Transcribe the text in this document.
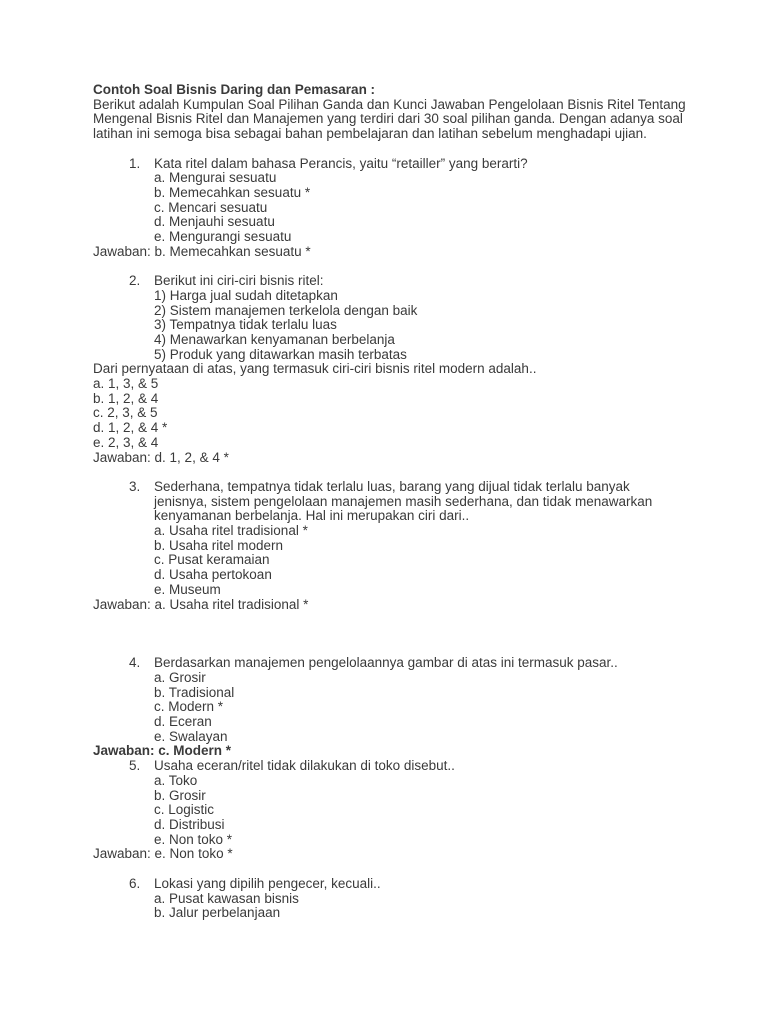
Contoh Soal Bisnis Daring dan Pemasaran :
Berikut adalah Kumpulan Soal Pilihan Ganda dan Kunci Jawaban Pengelolaan Bisnis Ritel Tentang Mengenal Bisnis Ritel dan Manajemen yang terdiri dari 30 soal pilihan ganda. Dengan adanya soal latihan ini semoga bisa sebagai bahan pembelajaran dan latihan sebelum menghadapi ujian.
1.	Kata ritel dalam bahasa Perancis, yaitu “retailler” yang berarti?
a. Mengurai sesuatu
b. Memecahkan sesuatu *
c. Mencari sesuatu
d. Menjauhi sesuatu
e. Mengurangi sesuatu
Jawaban: b. Memecahkan sesuatu *
2.	Berikut ini ciri-ciri bisnis ritel:
1) Harga jual sudah ditetapkan
2) Sistem manajemen terkelola dengan baik
3) Tempatnya tidak terlalu luas
4) Menawarkan kenyamanan berbelanja
5) Produk yang ditawarkan masih terbatas
Dari pernyataan di atas, yang termasuk ciri-ciri bisnis ritel modern adalah..
a. 1, 3, & 5
b. 1, 2, & 4
c. 2, 3, & 5
d. 1, 2, & 4 *
e. 2, 3, & 4
Jawaban: d. 1, 2, & 4 *
3.	Sederhana, tempatnya tidak terlalu luas, barang yang dijual tidak terlalu banyak jenisnya, sistem pengelolaan manajemen masih sederhana, dan tidak menawarkan kenyamanan berbelanja. Hal ini merupakan ciri dari..
a. Usaha ritel tradisional *
b. Usaha ritel modern
c. Pusat keramaian
d. Usaha pertokoan
e. Museum
Jawaban: a. Usaha ritel tradisional *
4.	Berdasarkan manajemen pengelolaannya gambar di atas ini termasuk pasar..
a. Grosir
b. Tradisional
c. Modern *
d. Eceran
e. Swalayan
Jawaban: c. Modern *
5.	Usaha eceran/ritel tidak dilakukan di toko disebut..
a. Toko
b. Grosir
c. Logistic
d. Distribusi
e. Non toko *
Jawaban: e. Non toko *
6.	Lokasi yang dipilih pengecer, kecuali..
a. Pusat kawasan bisnis
b. Jalur perbelanjaan
